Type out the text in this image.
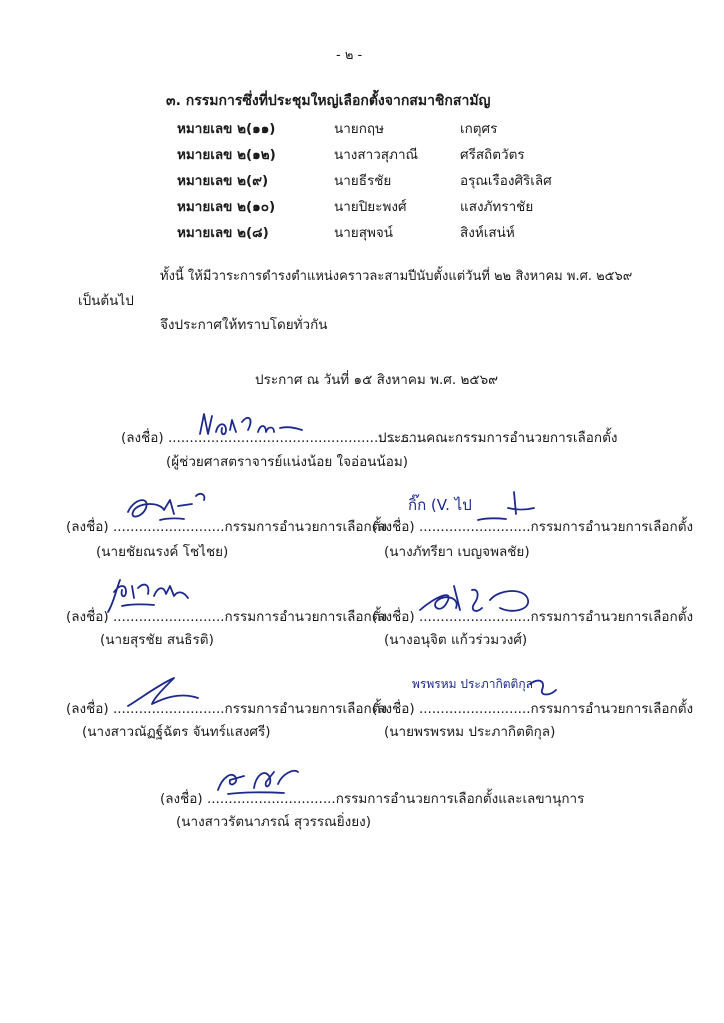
- ๒ -
๓. กรรมการซึ่งที่ประชุมใหญ่เลือกตั้งจากสมาชิกสามัญ
หมายเลข ๒(๑๑)	นายกฤษ	เกตุศร
หมายเลข ๒(๑๒)	นางสาวสุภาณี	ศรีสถิตวัตร
หมายเลข ๒(๙)	นายธีรชัย	อรุณเรืองศิริเลิศ
หมายเลข ๒(๑๐)	นายปิยะพงศ์	แสงภัทราชัย
หมายเลข ๒(๘)	นายสุพจน์	สิงห์เสน่ห์
ทั้งนี้ ให้มีวาระการดำรงตำแหน่งคราวละสามปีนับตั้งแต่วันที่ ๒๒ สิงหาคม พ.ศ. ๒๕๖๙
เป็นต้นไป
จึงประกาศให้ทราบโดยทั่วกัน
ประกาศ ณ วันที่ ๑๕ สิงหาคม พ.ศ. ๒๕๖๙
(ลงชื่อ) ...........................................................
ประธานคณะกรรมการอำนวยการเลือกตั้ง
(ผู้ช่วยศาสตราจารย์แน่งน้อย ใจอ่อนน้อม)
(ลงชื่อ) ..........................กรรมการอำนวยการเลือกตั้ง
(นายชัยณรงค์ โชไชย)
กิ๊ก (V. ไป
(ลงชื่อ) ..........................กรรมการอำนวยการเลือกตั้ง
(นางภัทรียา เบญจพลชัย)
(ลงชื่อ) ..........................กรรมการอำนวยการเลือกตั้ง
(นายสุรชัย สนธิรติ)
(ลงชื่อ) ..........................กรรมการอำนวยการเลือกตั้ง
(นางอนุจิต แก้วร่วมวงศ์)
(ลงชื่อ) ..........................กรรมการอำนวยการเลือกตั้ง
(นางสาวณัฏฐ์ฉัตร จันทร์แสงศรี)
พรพรหม ประภากิตติกุล
(ลงชื่อ) ..........................กรรมการอำนวยการเลือกตั้ง
(นายพรพรหม ประภากิตติกุล)
(ลงชื่อ) ..............................กรรมการอำนวยการเลือกตั้งและเลขานุการ
(นางสาวรัตนาภรณ์ สุวรรณยิ่งยง)
